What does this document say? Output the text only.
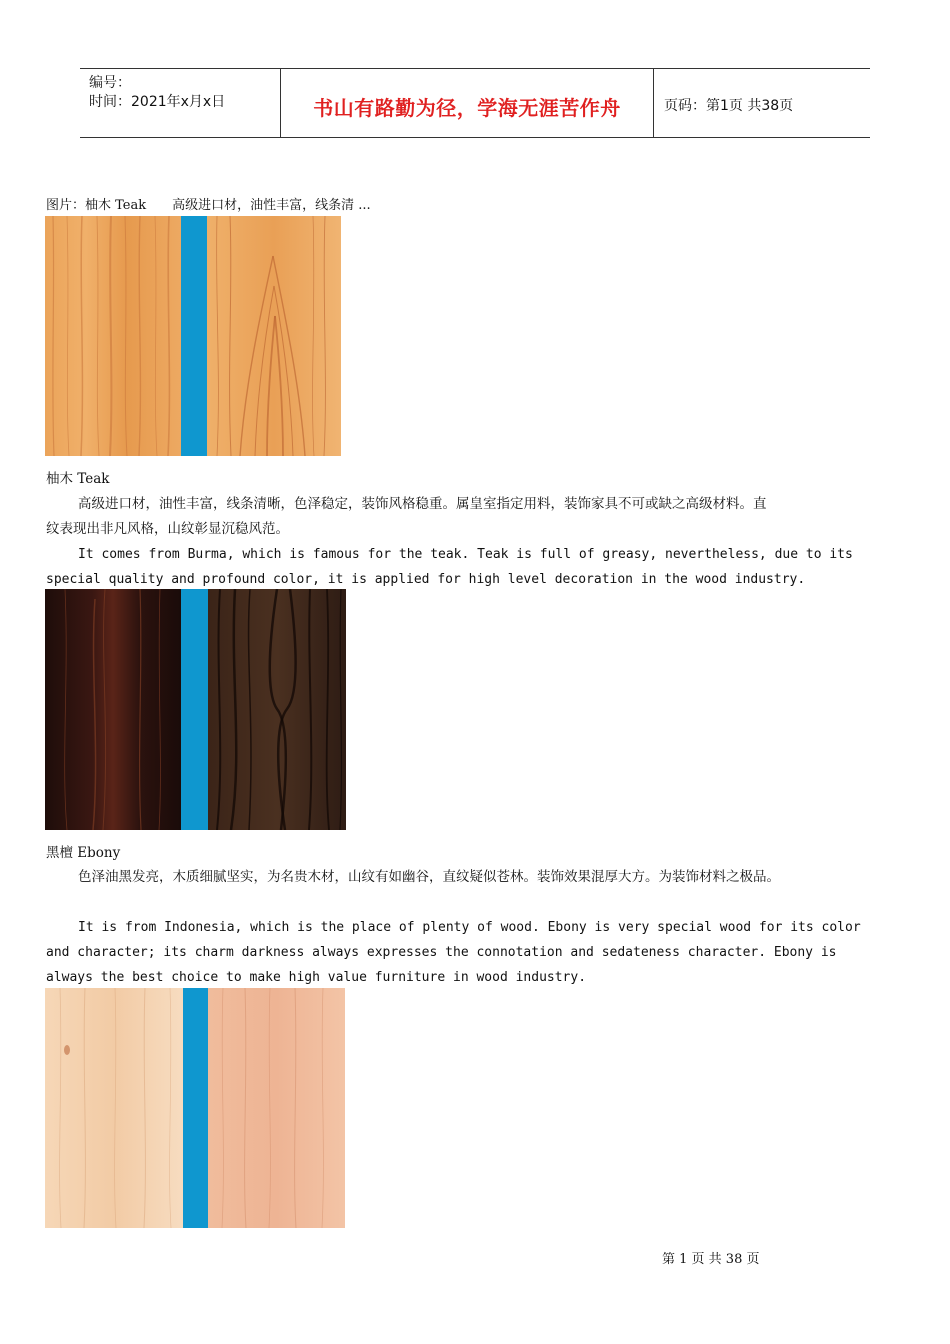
编号：
时间：2021年x月x日	书山有路勤为径，学海无涯苦作舟	页码：第1页 共38页
图片：柚木 Teak　　高级进口材，油性丰富，线条清 ...
柚木 Teak
高级进口材，油性丰富，线条清晰，色泽稳定，装饰风格稳重。属皇室指定用料，装饰家具不可或缺之高级材料。直
纹表现出非凡风格，山纹彰显沉稳风范。
It comes from Burma, which is famous for the teak. Teak is full of greasy, nevertheless, due to its
special quality and profound color, it is applied for high level decoration in the wood industry.
黑檀 Ebony
色泽油黑发亮，木质细腻坚实，为名贵木材，山纹有如幽谷，直纹疑似苍林。装饰效果混厚大方。为装饰材料之极品。
It is from Indonesia, which is the place of plenty of wood. Ebony is very special wood for its color
and character; its charm darkness always expresses the connotation and sedateness character. Ebony is
always the best choice to make high value furniture in wood industry.
第 1 页 共 38 页
